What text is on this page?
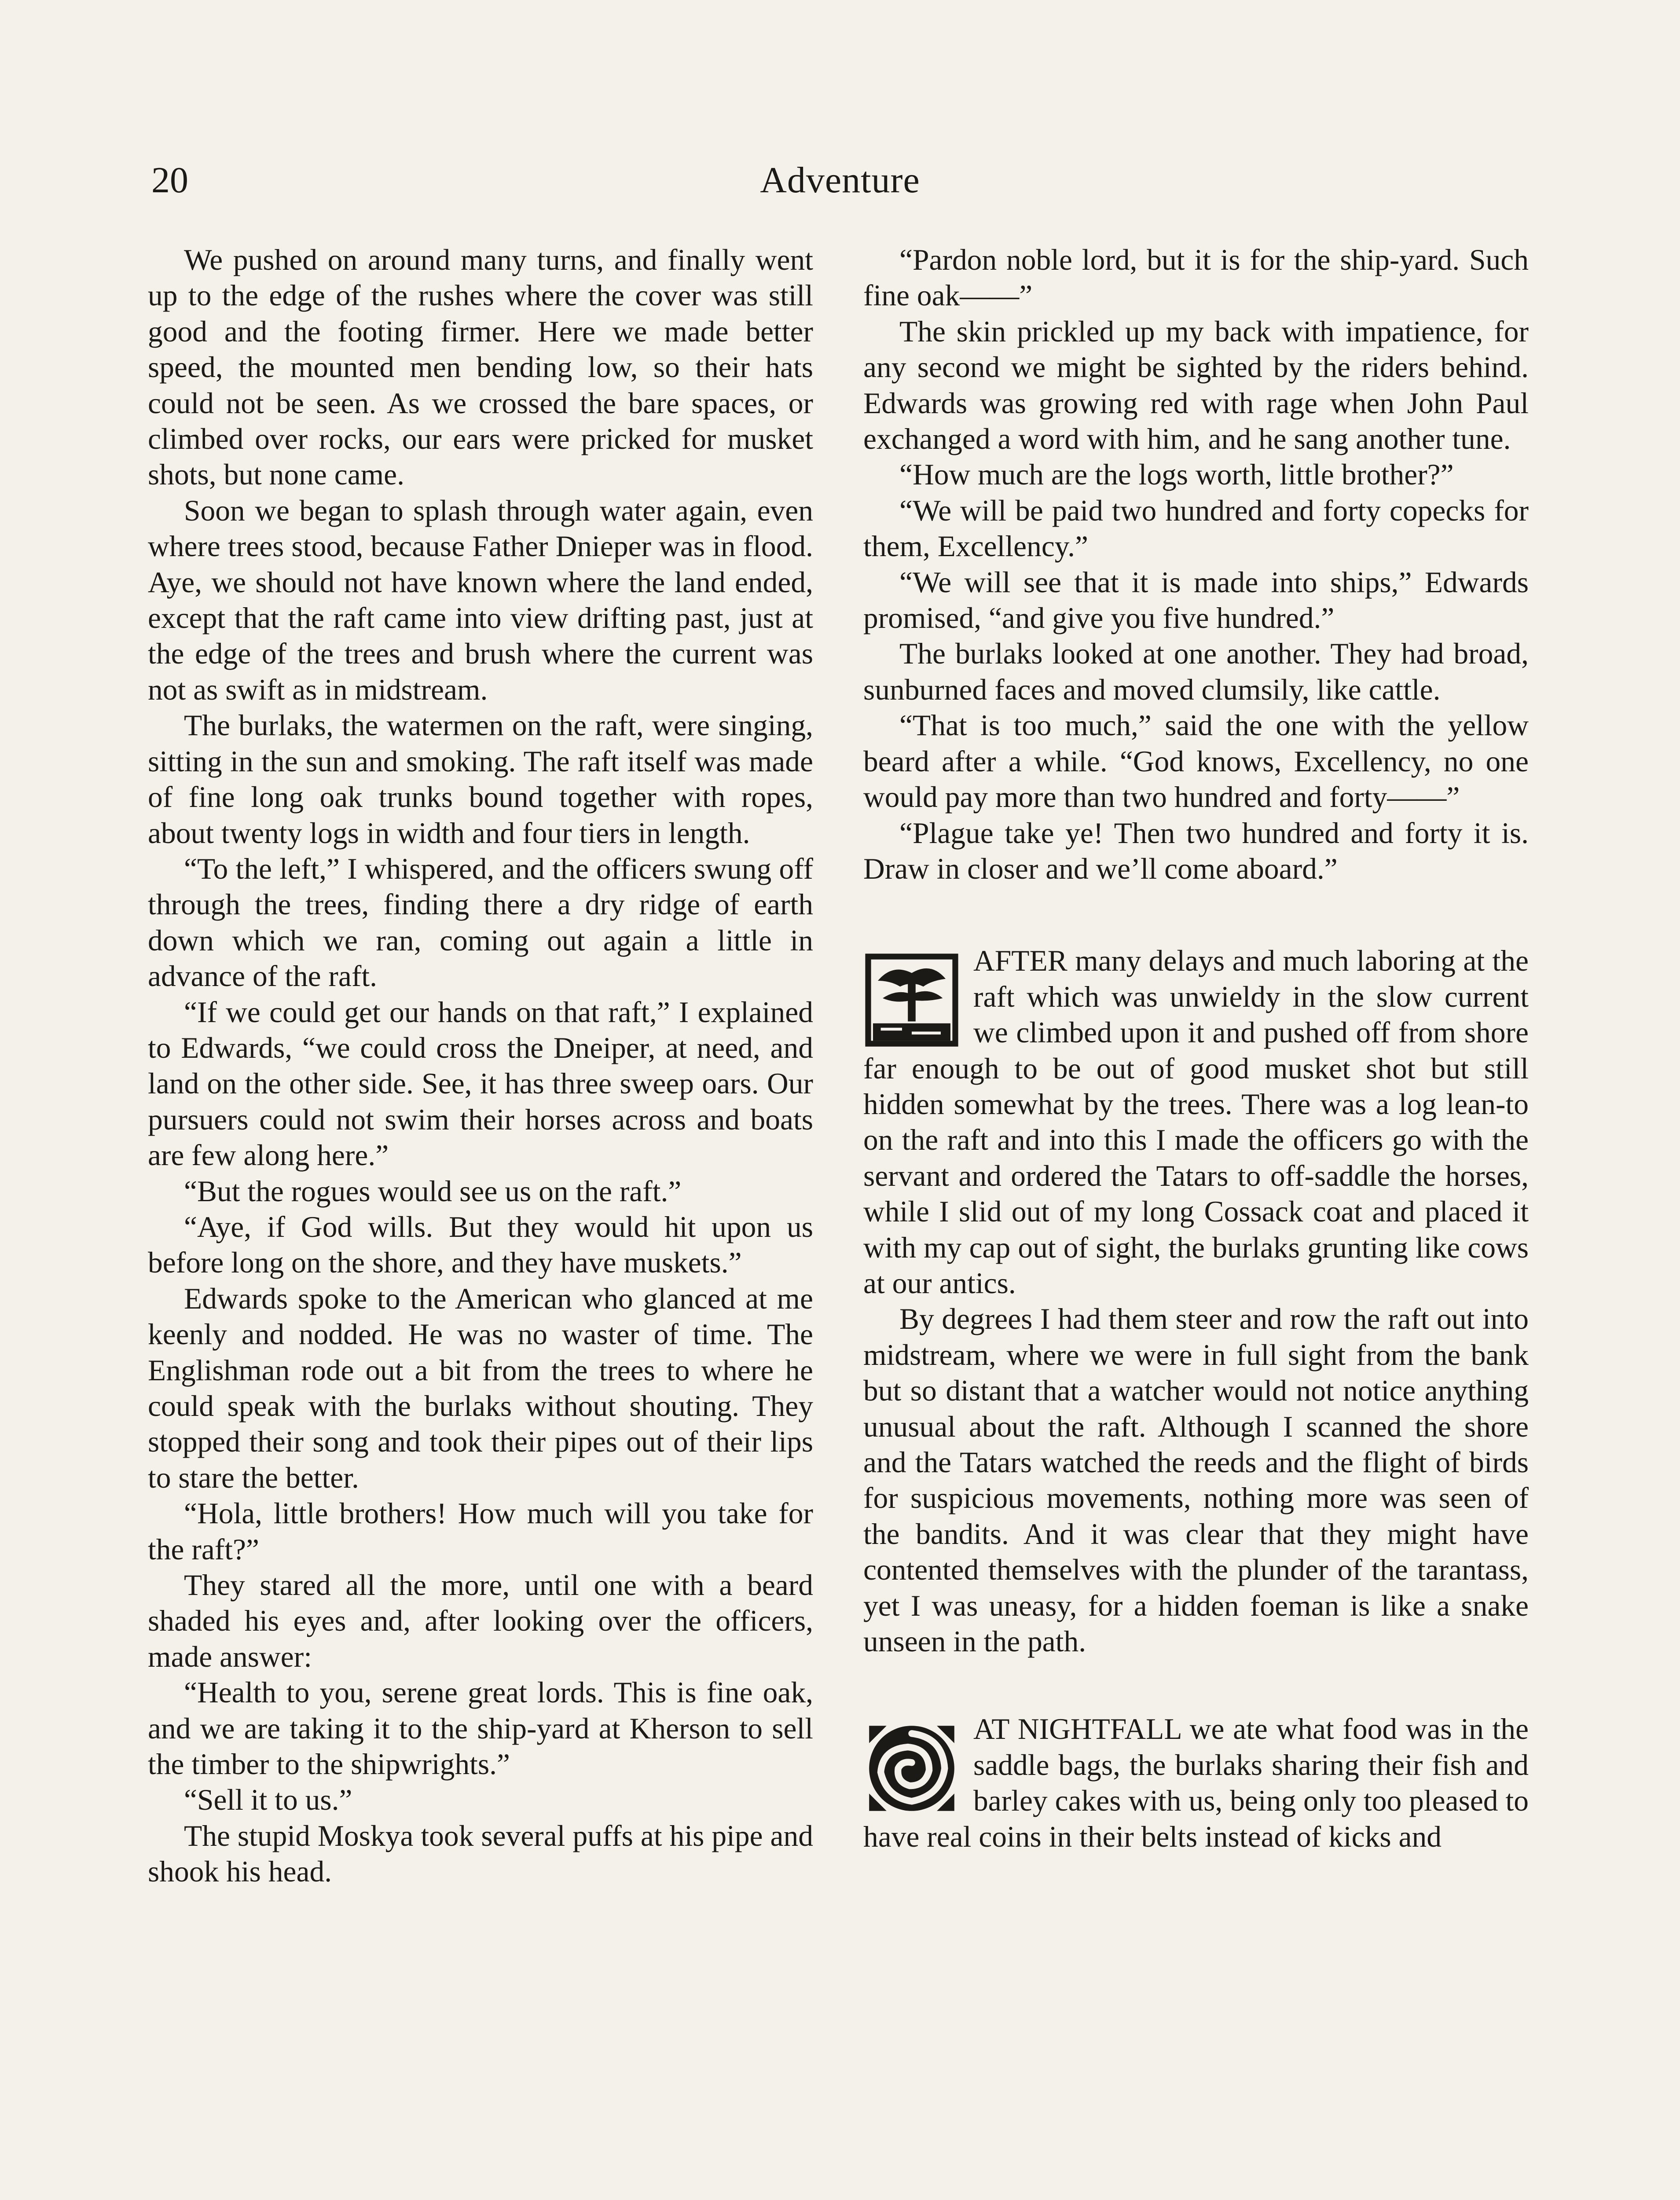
20	Adventure

We pushed on around many turns, and finally went up to the edge of the rushes where the cover was still good and the footing firmer. Here we made better speed, the mounted men bending low, so their hats could not be seen. As we crossed the bare spaces, or climbed over rocks, our ears were pricked for musket shots, but none came.

Soon we began to splash through water again, even where trees stood, because Father Dnieper was in flood. Aye, we should not have known where the land ended, except that the raft came into view drifting past, just at the edge of the trees and brush where the current was not as swift as in midstream.

The burlaks, the watermen on the raft, were singing, sitting in the sun and smoking. The raft itself was made of fine long oak trunks bound together with ropes, about twenty logs in width and four tiers in length.

“To the left,” I whispered, and the officers swung off through the trees, finding there a dry ridge of earth down which we ran, coming out again a little in advance of the raft.

“If we could get our hands on that raft,” I explained to Edwards, “we could cross the Dneiper, at need, and land on the other side. See, it has three sweep oars. Our pursuers could not swim their horses across and boats are few along here.”

“But the rogues would see us on the raft.”

“Aye, if God wills. But they would hit upon us before long on the shore, and they have muskets.”

Edwards spoke to the American who glanced at me keenly and nodded. He was no waster of time. The Englishman rode out a bit from the trees to where he could speak with the burlaks without shouting. They stopped their song and took their pipes out of their lips to stare the better.

“Hola, little brothers! How much will you take for the raft?”

They stared all the more, until one with a beard shaded his eyes and, after looking over the officers, made answer:

“Health to you, serene great lords. This is fine oak, and we are taking it to the ship-yard at Kherson to sell the timber to the shipwrights.”

“Sell it to us.”

The stupid Moskya took several puffs at his pipe and shook his head.

“Pardon noble lord, but it is for the ship-yard. Such fine oak——”

The skin prickled up my back with impatience, for any second we might be sighted by the riders behind. Edwards was growing red with rage when John Paul exchanged a word with him, and he sang another tune.

“How much are the logs worth, little brother?”

“We will be paid two hundred and forty copecks for them, Excellency.”

“We will see that it is made into ships,” Edwards promised, “and give you five hundred.”

The burlaks looked at one another. They had broad, sunburned faces and moved clumsily, like cattle.

“That is too much,” said the one with the yellow beard after a while. “God knows, Excellency, no one would pay more than two hundred and forty——”

“Plague take ye! Then two hundred and forty it is. Draw in closer and we’ll come aboard.”

AFTER many delays and much laboring at the raft which was unwieldy in the slow current we climbed upon it and pushed off from shore far enough to be out of good musket shot but still hidden somewhat by the trees. There was a log lean-to on the raft and into this I made the officers go with the servant and ordered the Tatars to off-saddle the horses, while I slid out of my long Cossack coat and placed it with my cap out of sight, the burlaks grunting like cows at our antics.

By degrees I had them steer and row the raft out into midstream, where we were in full sight from the bank but so distant that a watcher would not notice anything unusual about the raft. Although I scanned the shore and the Tatars watched the reeds and the flight of birds for suspicious movements, nothing more was seen of the bandits. And it was clear that they might have contented themselves with the plunder of the tarantass, yet I was uneasy, for a hidden foeman is like a snake unseen in the path.

AT NIGHTFALL we ate what food was in the saddle bags, the burlaks sharing their fish and barley cakes with us, being only too pleased to have real coins in their belts instead of kicks and
